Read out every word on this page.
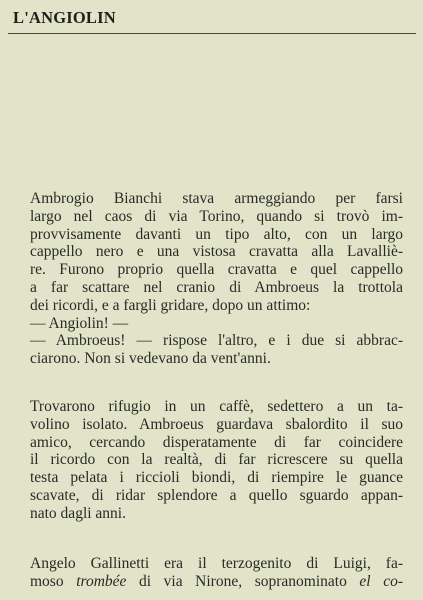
L'ANGIOLIN
Ambrogio Bianchi stava armeggiando per farsi
largo nel caos di via Torino, quando si trovò im-
provvisamente davanti un tipo alto, con un largo
cappello nero e una vistosa cravatta alla Lavalliè-
re. Furono proprio quella cravatta e quel cappello
a far scattare nel cranio di Ambroeus la trottola
dei ricordi, e a fargli gridare, dopo un attimo:
— Angiolin! —
— Ambroeus! — rispose l'altro, e i due si abbrac-
ciarono. Non si vedevano da vent'anni.
Trovarono rifugio in un caffè, sedettero a un ta-
volino isolato. Ambroeus guardava sbalordito il suo
amico, cercando disperatamente di far coincidere
il ricordo con la realtà, di far ricrescere su quella
testa pelata i riccioli biondi, di riempire le guance
scavate, di ridar splendore a quello sguardo appan-
nato dagli anni.
Angelo Gallinetti era il terzogenito di Luigi, fa-
moso trombée di via Nirone, sopranominato el co-
